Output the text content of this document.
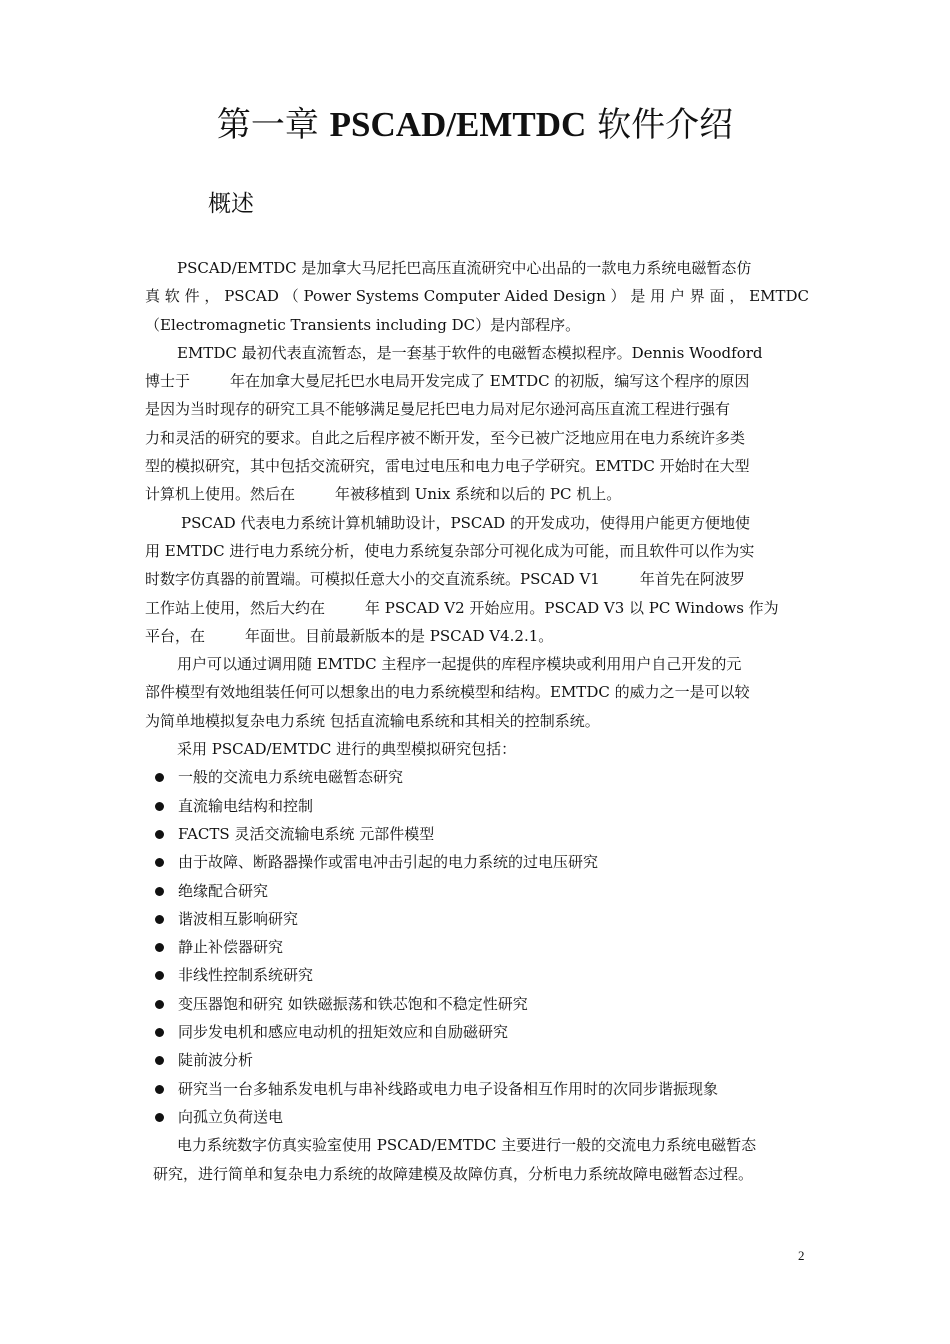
第一章 PSCAD/EMTDC 软件介绍
概述
PSCAD/EMTDC 是加拿大马尼托巴高压直流研究中心出品的一款电力系统电磁暂态仿
真 软 件 ， PSCAD （ Power Systems Computer Aided Design ） 是 用 户 界 面 ， EMTDC
（Electromagnetic Transients including DC）是内部程序。
EMTDC 最初代表直流暂态，是一套基于软件的电磁暂态模拟程序。Dennis Woodford
博士于	年在加拿大曼尼托巴水电局开发完成了 EMTDC 的初版，编写这个程序的原因
是因为当时现存的研究工具不能够满足曼尼托巴电力局对尼尔逊河高压直流工程进行强有
力和灵活的研究的要求。自此之后程序被不断开发，至今已被广泛地应用在电力系统许多类
型的模拟研究，其中包括交流研究，雷电过电压和电力电子学研究。EMTDC 开始时在大型
计算机上使用。然后在	年被移植到 Unix 系统和以后的 PC 机上。
PSCAD 代表电力系统计算机辅助设计，PSCAD 的开发成功，使得用户能更方便地使
用 EMTDC 进行电力系统分析，使电力系统复杂部分可视化成为可能，而且软件可以作为实
时数字仿真器的前置端。可模拟任意大小的交直流系统。PSCAD V1	年首先在阿波罗
工作站上使用，然后大约在	年 PSCAD V2 开始应用。PSCAD V3 以 PC Windows 作为
平台，在	年面世。目前最新版本的是 PSCAD V4.2.1。
用户可以通过调用随 EMTDC 主程序一起提供的库程序模块或利用用户自己开发的元
部件模型有效地组装任何可以想象出的电力系统模型和结构。EMTDC 的威力之一是可以较
为简单地模拟复杂电力系统 包括直流输电系统和其相关的控制系统。
采用 PSCAD/EMTDC 进行的典型模拟研究包括：
一般的交流电力系统电磁暂态研究
直流输电结构和控制
FACTS 灵活交流输电系统 元部件模型
由于故障、断路器操作或雷电冲击引起的电力系统的过电压研究
绝缘配合研究
谐波相互影响研究
静止补偿器研究
非线性控制系统研究
变压器饱和研究 如铁磁振荡和铁芯饱和不稳定性研究
同步发电机和感应电动机的扭矩效应和自励磁研究
陡前波分析
研究当一台多轴系发电机与串补线路或电力电子设备相互作用时的次同步谐振现象
向孤立负荷送电
电力系统数字仿真实验室使用 PSCAD/EMTDC 主要进行一般的交流电力系统电磁暂态
研究，进行简单和复杂电力系统的故障建模及故障仿真，分析电力系统故障电磁暂态过程。
2
